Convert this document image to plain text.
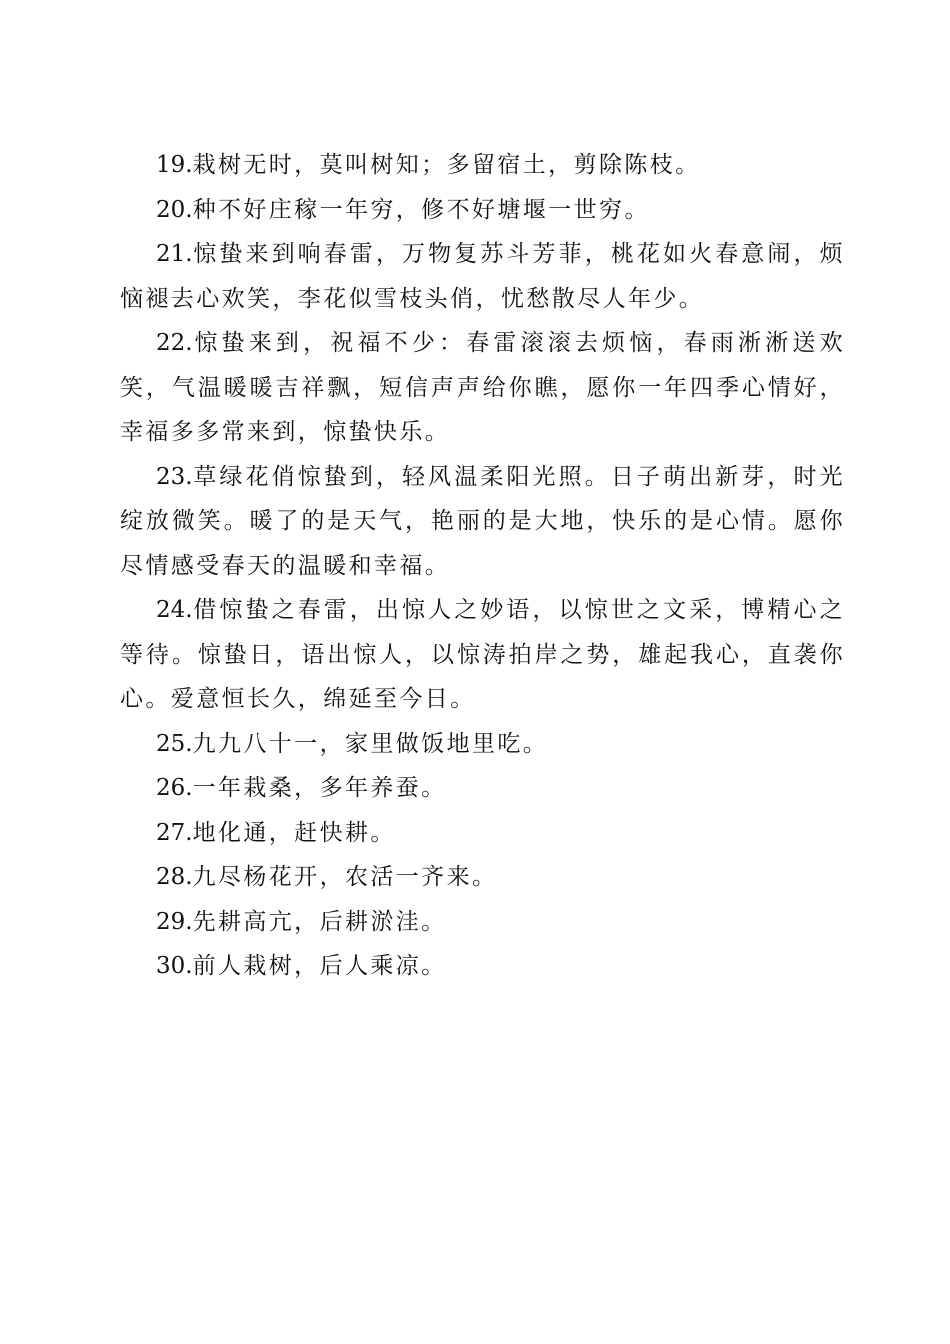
19.栽树无时，莫叫树知；多留宿土，剪除陈枝。

20.种不好庄稼一年穷，修不好塘堰一世穷。

21.惊蛰来到响春雷，万物复苏斗芳菲，桃花如火春意闹，烦恼褪去心欢笑，李花似雪枝头俏，忧愁散尽人年少。

22.惊蛰来到，祝福不少：春雷滚滚去烦恼，春雨淅淅送欢笑，气温暖暖吉祥飘，短信声声给你瞧，愿你一年四季心情好，幸福多多常来到，惊蛰快乐。

23.草绿花俏惊蛰到，轻风温柔阳光照。日子萌出新芽，时光绽放微笑。暖了的是天气，艳丽的是大地，快乐的是心情。愿你尽情感受春天的温暖和幸福。

24.借惊蛰之春雷，出惊人之妙语，以惊世之文采，博精心之等待。惊蛰日，语出惊人，以惊涛拍岸之势，雄起我心，直袭你心。爱意恒长久，绵延至今日。

25.九九八十一，家里做饭地里吃。

26.一年栽桑，多年养蚕。

27.地化通，赶快耕。

28.九尽杨花开，农活一齐来。

29.先耕高亢，后耕淤洼。

30.前人栽树，后人乘凉。
